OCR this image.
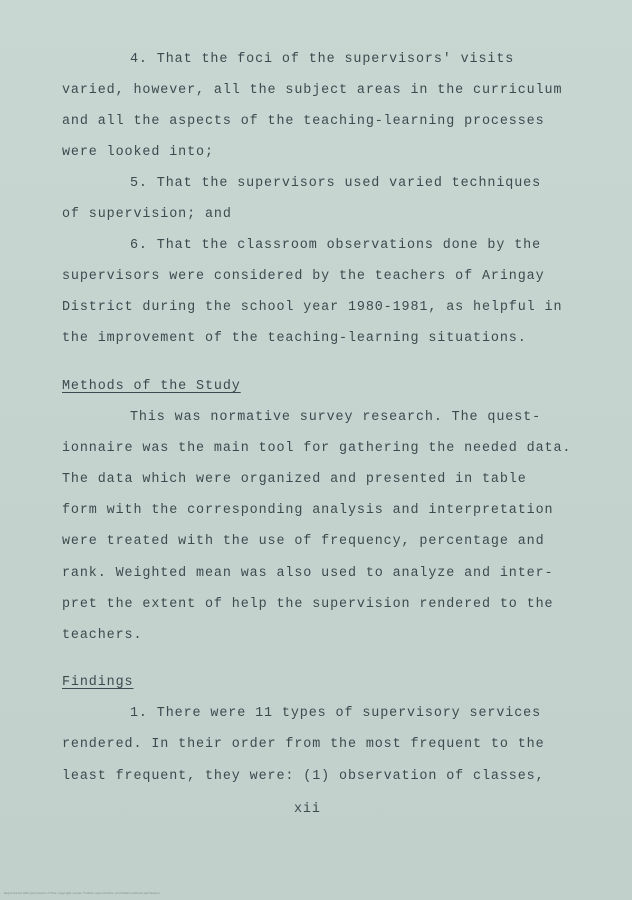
4. That the foci of the supervisors' visits
varied, however, all the subject areas in the curriculum
and all the aspects of the teaching-learning processes
were looked into;
5. That the supervisors used varied techniques
of supervision; and
6. That the classroom observations done by the
supervisors were considered by the teachers of Aringay
District during the school year 1980-1981, as helpful in
the improvement of the teaching-learning situations.
Methods of the Study
This was normative survey research. The quest-
ionnaire was the main tool for gathering the needed data.
The data which were organized and presented in table
form with the corresponding analysis and interpretation
were treated with the use of frequency, percentage and
rank. Weighted mean was also used to analyze and inter-
pret the extent of help the supervision rendered to the
teachers.
Findings
1. There were 11 types of supervisory services
rendered. In their order from the most frequent to the
least frequent, they were: (1) observation of classes,
xii
Reproduced with permission of the copyright owner. Further reproduction prohibited without permission.
